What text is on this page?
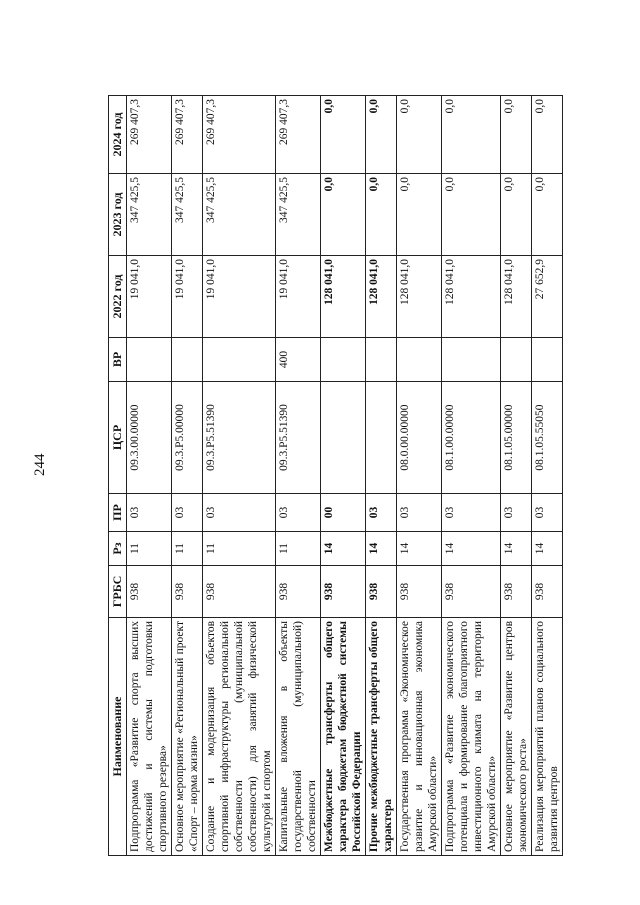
244
Наименование	ГРБС	Рз	ПР	ЦСР	ВР	2022 год	2023 год	2024 год
Подпрограмма «Развитие спорта высших достижений и системы подготовки спортивного резерва»	938	11	03	09.3.00.00000		19 041,0	347 425,5	269 407,3
Основное мероприятие «Региональный проект «Спорт – норма жизни»	938	11	03	09.3.P5.00000		19 041,0	347 425,5	269 407,3
Создание и модернизация объектов спортивной инфраструктуры региональной собственности (муниципальной собственности) для занятий физической культурой и спортом	938	11	03	09.3.P5.51390		19 041,0	347 425,5	269 407,3
Капитальные вложения в объекты государственной (муниципальной) собственности	938	11	03	09.3.P5.51390	400	19 041,0	347 425,5	269 407,3
Межбюджетные трансферты общего характера бюджетам бюджетной системы Российской Федерации	938	14	00			128 041,0	0,0	0,0
Прочие межбюджетные трансферты общего характера	938	14	03			128 041,0	0,0	0,0
Государственная программа «Экономическое развитие и инновационная экономика Амурской области»	938	14	03	08.0.00.00000		128 041,0	0,0	0,0
Подпрограмма «Развитие экономического потенциала и формирование благоприятного инвестиционного климата на территории Амурской области»	938	14	03	08.1.00.00000		128 041,0	0,0	0,0
Основное мероприятие «Развитие центров экономического роста»	938	14	03	08.1.05.00000		128 041,0	0,0	0,0
Реализация мероприятий планов социального развития центров	938	14	03	08.1.05.55050		27 652,9	0,0	0,0
